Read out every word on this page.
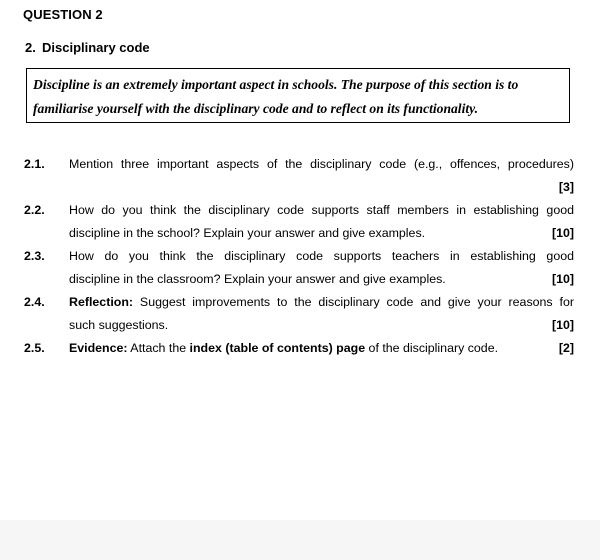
QUESTION 2
2. Disciplinary code
Discipline is an extremely important aspect in schools. The purpose of this section is to
familiarise yourself with the disciplinary code and to reflect on its functionality.
2.1.	Mention three important aspects of the disciplinary code (e.g., offences, procedures)
[3]
2.2.	How do you think the disciplinary code supports staff members in establishing good
discipline in the school? Explain your answer and give examples.	[10]
2.3.	How do you think the disciplinary code supports teachers in establishing good
discipline in the classroom? Explain your answer and give examples.	[10]
2.4.	Reflection: Suggest improvements to the disciplinary code and give your reasons for
such suggestions.	[10]
2.5.	Evidence: Attach the index (table of contents) page of the disciplinary code.	[2]
